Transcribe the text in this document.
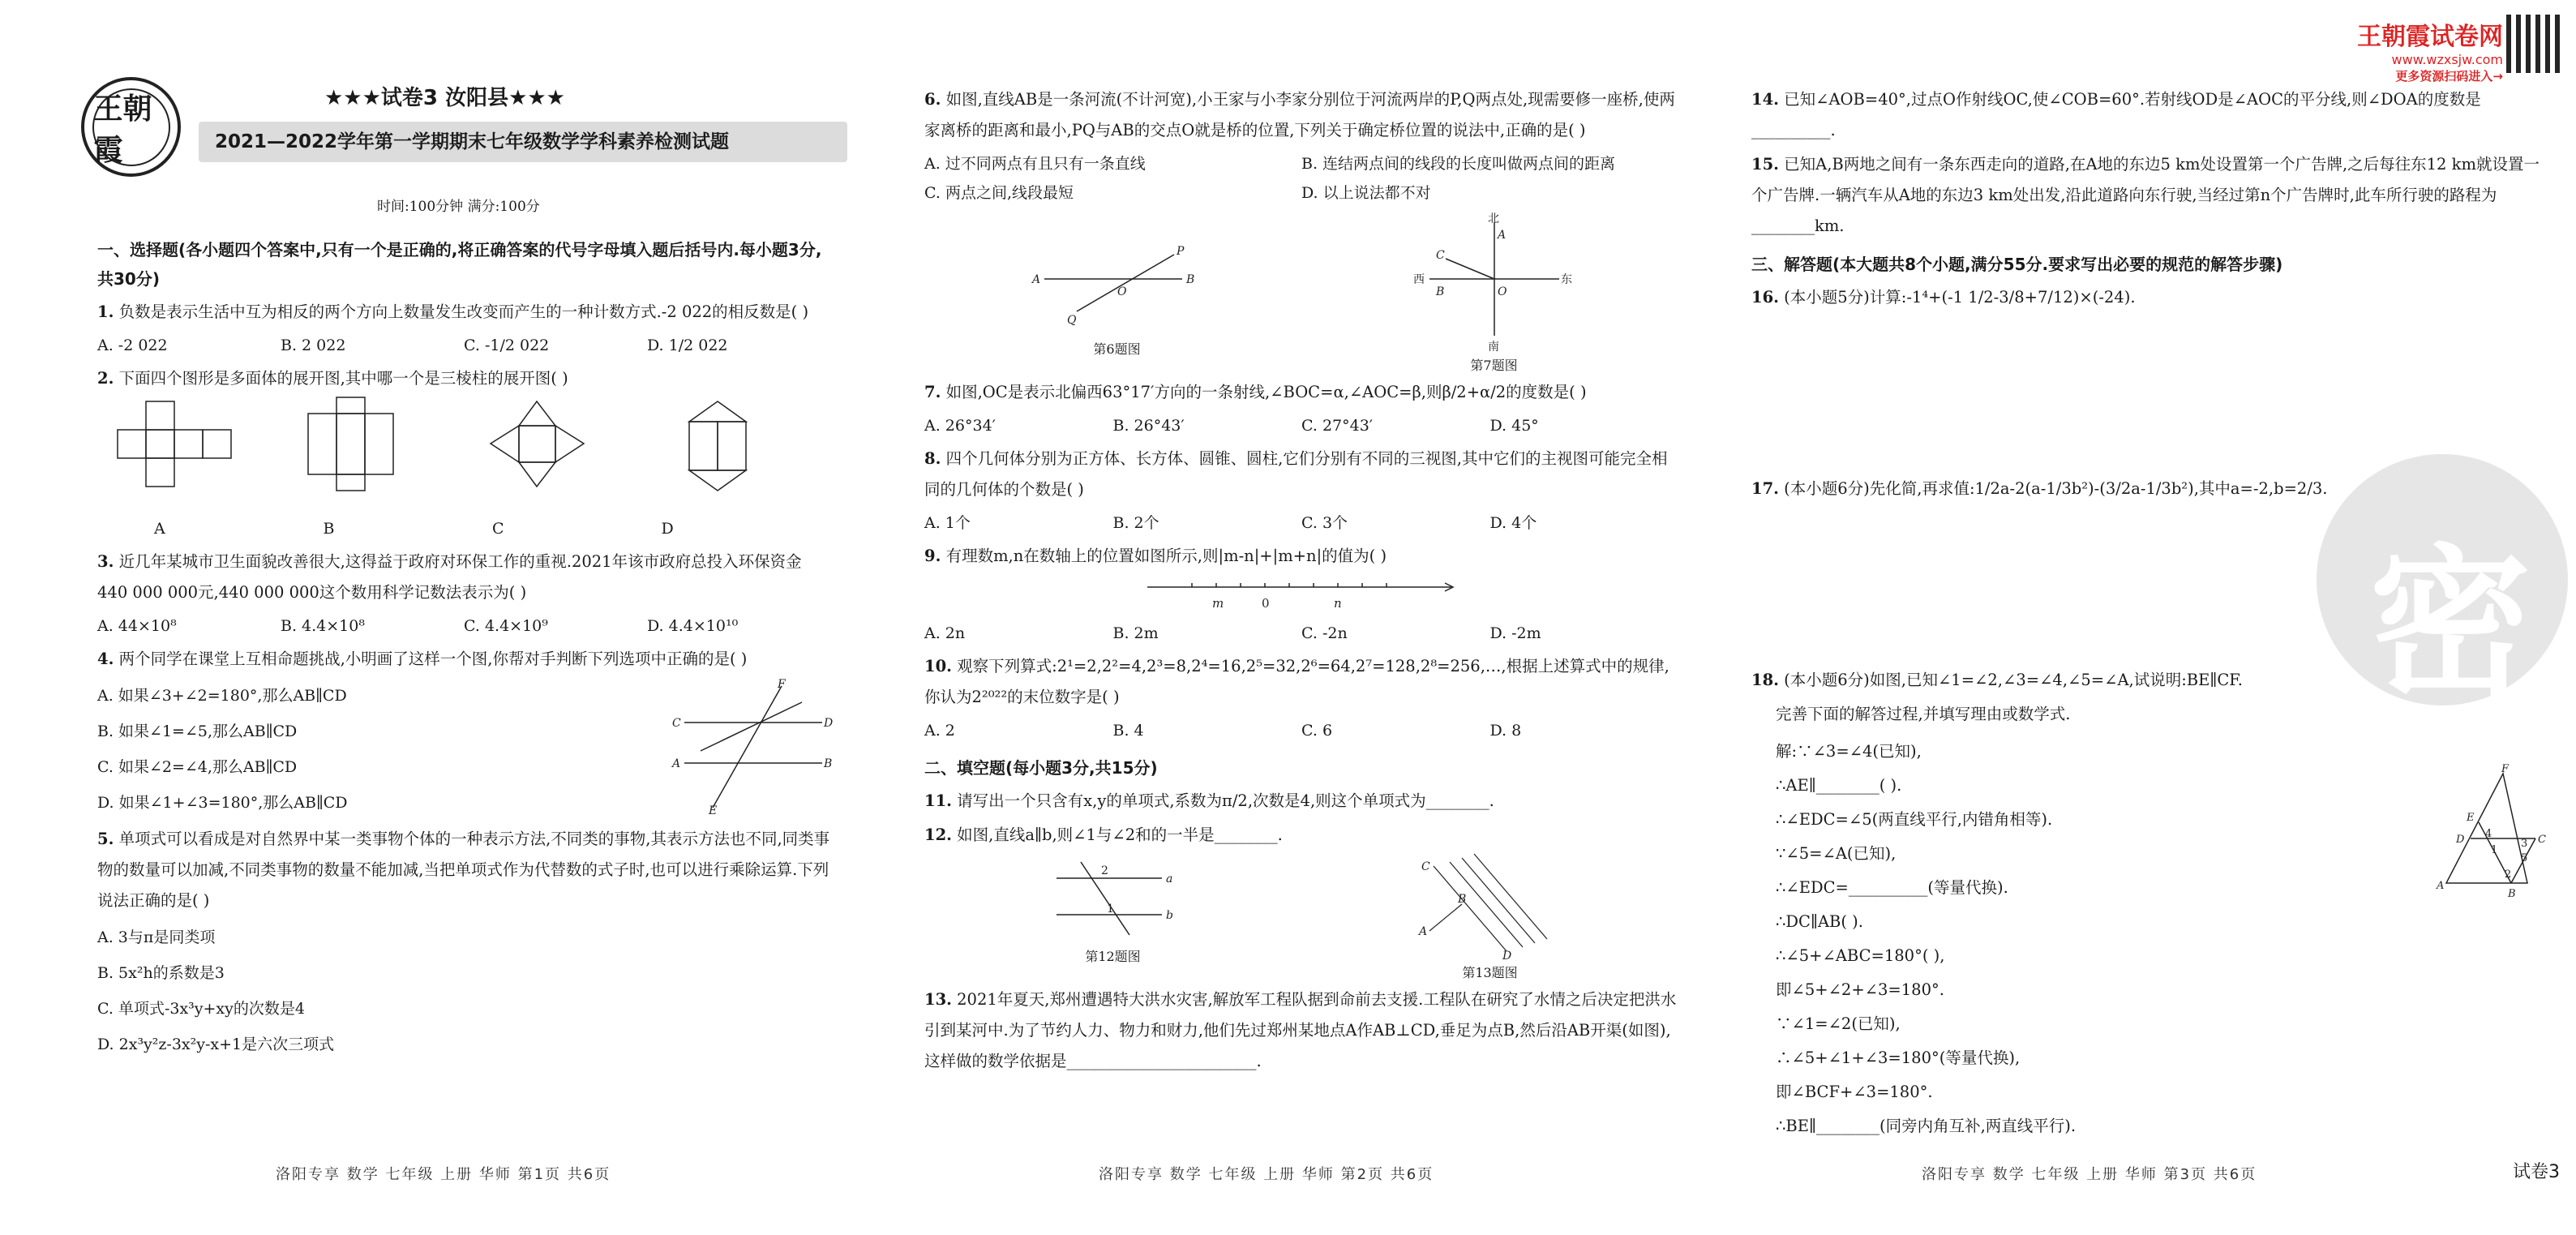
王朝霞
★★★试卷3 汝阳县★★★
2021—2022学年第一学期期末七年级数学学科素养检测试题
时间:100分钟 满分:100分
一、选择题(各小题四个答案中,只有一个是正确的,将正确答案的代号字母填入题后括号内.每小题3分,共30分)
1. 负数是表示生活中互为相反的两个方向上数量发生改变而产生的一种计数方式.-2 022的相反数是( )
A. -2 022	B. 2 022	C. -1/2 022	D. 1/2 022
2. 下面四个图形是多面体的展开图,其中哪一个是三棱柱的展开图( )
A	B	C	D
3. 近几年某城市卫生面貌改善很大,这得益于政府对环保工作的重视.2021年该市政府总投入环保资金440 000 000元,440 000 000这个数用科学记数法表示为( )
A. 44×10⁸	B. 4.4×10⁸	C. 4.4×10⁹	D. 4.4×10¹⁰
4. 两个同学在课堂上互相命题挑战,小明画了这样一个图,你帮对手判断下列选项中正确的是( )
A. 如果∠3+∠2=180°,那么AB∥CD
B. 如果∠1=∠5,那么AB∥CD
C. 如果∠2=∠4,那么AB∥CD
D. 如果∠1+∠3=180°,那么AB∥CD
C	D
A	B
F
E
5. 单项式可以看成是对自然界中某一类事物个体的一种表示方法,不同类的事物,其表示方法也不同,同类事物的数量可以加减,不同类事物的数量不能加减,当把单项式作为代替数的式子时,也可以进行乘除运算.下列说法正确的是( )
A. 3与π是同类项
B. 5x²h的系数是3
C. 单项式-3x³y+xy的次数是4
D. 2x³y²z-3x²y-x+1是六次三项式
洛阳专享 数学 七年级 上册 华师 第1页 共6页
6. 如图,直线AB是一条河流(不计河宽),小王家与小李家分别位于河流两岸的P,Q两点处,现需要修一座桥,使两家离桥的距离和最小,PQ与AB的交点O就是桥的位置,下列关于确定桥位置的说法中,正确的是( )
A. 过不同两点有且只有一条直线	B. 连结两点间的线段的长度叫做两点间的距离
C. 两点之间,线段最短	D. 以上说法都不对
A	B
P
Q
O
第6题图
北
南
东
西
A
C
B	O
第7题图
7. 如图,OC是表示北偏西63°17′方向的一条射线,∠BOC=α,∠AOC=β,则β/2+α/2的度数是( )
A. 26°34′	B. 26°43′	C. 27°43′	D. 45°
8. 四个几何体分别为正方体、长方体、圆锥、圆柱,它们分别有不同的三视图,其中它们的主视图可能完全相同的几何体的个数是( )
A. 1个	B. 2个	C. 3个	D. 4个
9. 有理数m,n在数轴上的位置如图所示,则|m-n|+|m+n|的值为( )
m	0	n
A. 2n	B. 2m	C. -2n	D. -2m
10. 观察下列算式:2¹=2,2²=4,2³=8,2⁴=16,2⁵=32,2⁶=64,2⁷=128,2⁸=256,…,根据上述算式中的规律,你认为2²⁰²²的末位数字是( )
A. 2	B. 4	C. 6	D. 8
二、填空题(每小题3分,共15分)
11. 请写出一个只含有x,y的单项式,系数为π/2,次数是4,则这个单项式为________.
12. 如图,直线a∥b,则∠1与∠2和的一半是________.
a
b
2
1
第12题图
C
D
A
B
第13题图
13. 2021年夏天,郑州遭遇特大洪水灾害,解放军工程队据到命前去支援.工程队在研究了水情之后决定把洪水引到某河中.为了节约人力、物力和财力,他们先过郑州某地点A作AB⊥CD,垂足为点B,然后沿AB开渠(如图),这样做的数学依据是________________________.
洛阳专享 数学 七年级 上册 华师 第2页 共6页
王朝霞试卷网
www.wzxsjw.com
更多资源扫码进入→
密
14. 已知∠AOB=40°,过点O作射线OC,使∠COB=60°.若射线OD是∠AOC的平分线,则∠DOA的度数是__________.
15. 已知A,B两地之间有一条东西走向的道路,在A地的东边5 km处设置第一个广告牌,之后每往东12 km就设置一个广告牌.一辆汽车从A地的东边3 km处出发,沿此道路向东行驶,当经过第n个广告牌时,此车所行驶的路程为________km.
三、解答题(本大题共8个小题,满分55分.要求写出必要的规范的解答步骤)
16. (本小题5分)计算:-1⁴+(-1 1/2-3/8+7/12)×(-24).
17. (本小题6分)先化简,再求值:1/2a-2(a-1/3b²)-(3/2a-1/3b²),其中a=-2,b=2/3.
18. (本小题6分)如图,已知∠1=∠2,∠3=∠4,∠5=∠A,试说明:BE∥CF.
完善下面的解答过程,并填写理由或数学式.
解:∵∠3=∠4(已知),
∴AE∥________( ).
∴∠EDC=∠5(两直线平行,内错角相等).
∵∠5=∠A(已知),
∴∠EDC=__________(等量代换).
∴DC∥AB( ).
∴∠5+∠ABC=180°( ),
即∠5+∠2+∠3=180°.
∵∠1=∠2(已知),
∴∠5+∠1+∠3=180°(等量代换),
即∠BCF+∠3=180°.
∴BE∥________(同旁内角互补,两直线平行).
F
E
D	C
A
B
4
1
3
5
2
洛阳专享 数学 七年级 上册 华师 第3页 共6页	试卷3
